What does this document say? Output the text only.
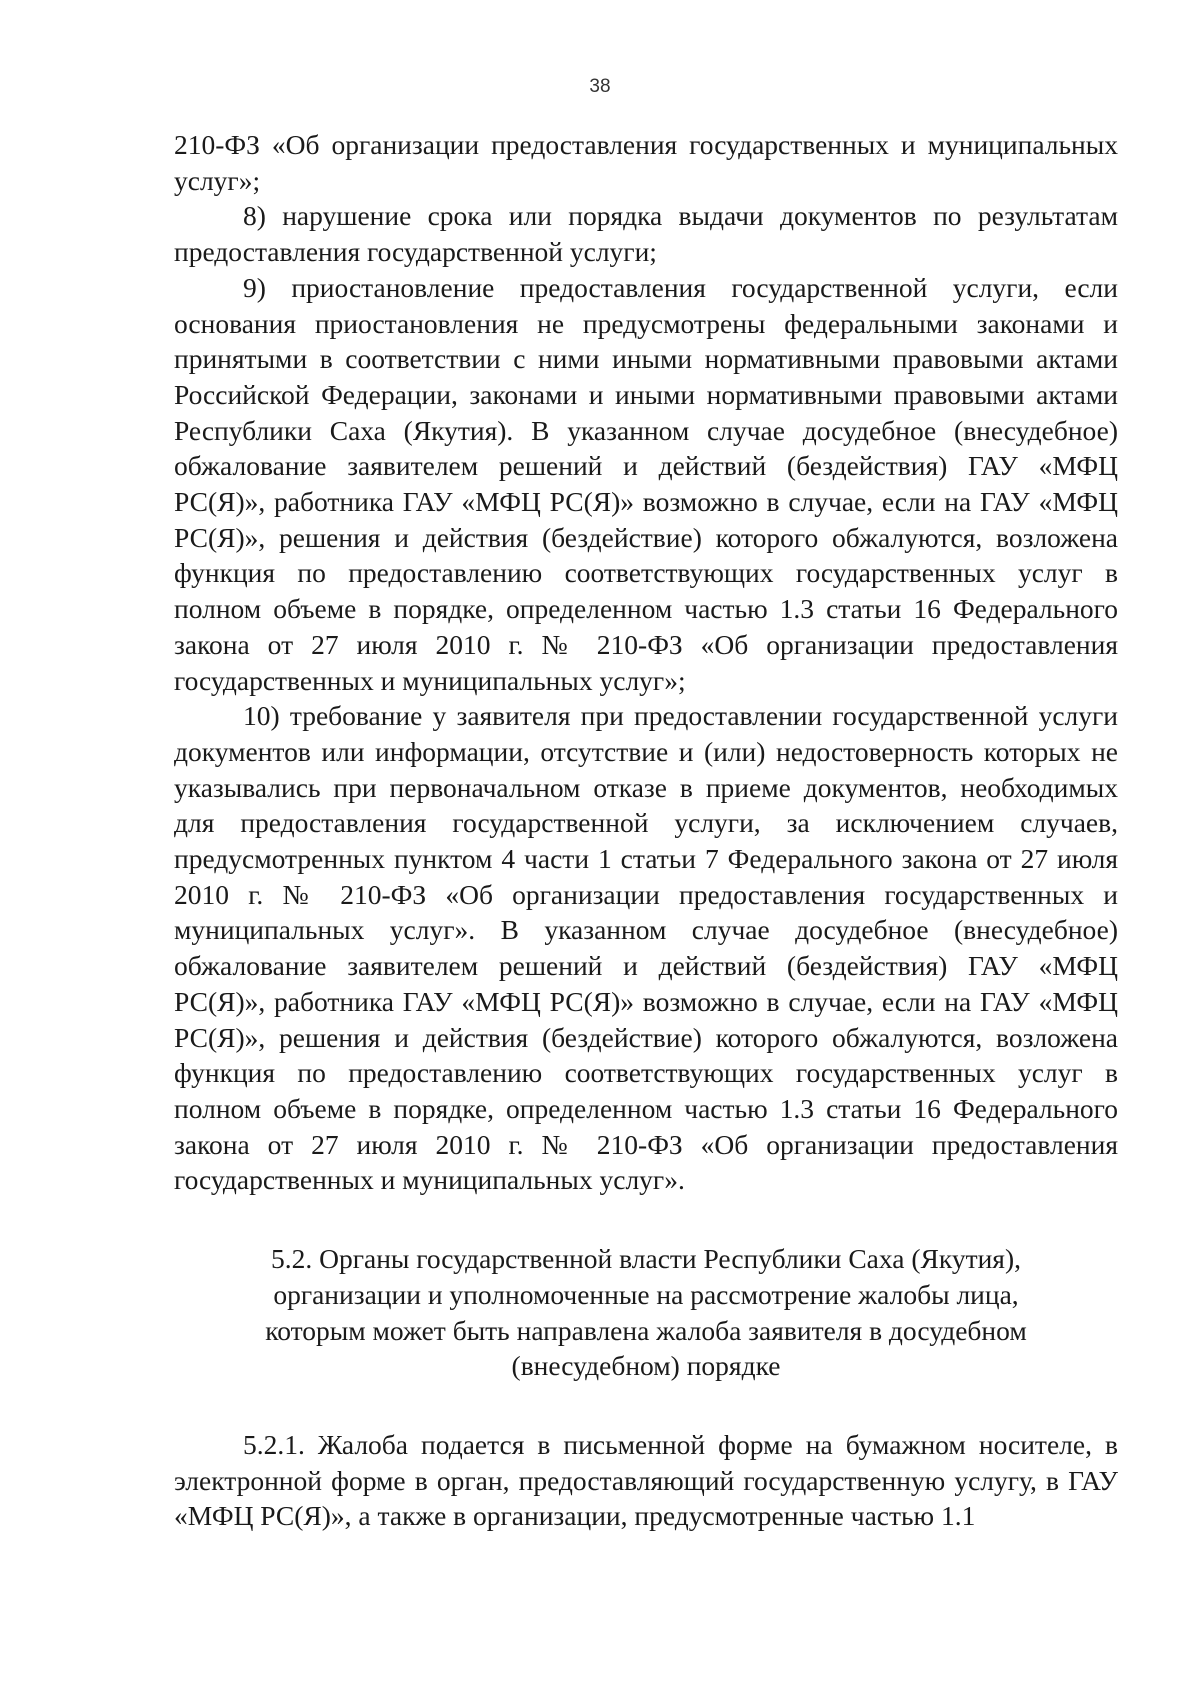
38

210-ФЗ «Об организации предоставления государственных и муниципальных услуг»;

8) нарушение срока или порядка выдачи документов по результатам предоставления государственной услуги;

9) приостановление предоставления государственной услуги, если основания приостановления не предусмотрены федеральными законами и принятыми в соответствии с ними иными нормативными правовыми актами Российской Федерации, законами и иными нормативными правовыми актами Республики Саха (Якутия). В указанном случае досудебное (внесудебное) обжалование заявителем решений и действий (бездействия) ГАУ «МФЦ РС(Я)», работника ГАУ «МФЦ РС(Я)» возможно в случае, если на ГАУ «МФЦ РС(Я)», решения и действия (бездействие) которого обжалуются, возложена функция по предоставлению соответствующих государственных услуг в полном объеме в порядке, определенном частью 1.3 статьи 16 Федерального закона от 27 июля 2010 г. № 210-ФЗ «Об организации предоставления государственных и муниципальных услуг»;

10) требование у заявителя при предоставлении государственной услуги документов или информации, отсутствие и (или) недостоверность которых не указывались при первоначальном отказе в приеме документов, необходимых для предоставления государственной услуги, за исключением случаев, предусмотренных пунктом 4 части 1 статьи 7 Федерального закона от 27 июля 2010 г. № 210-ФЗ «Об организации предоставления государственных и муниципальных услуг». В указанном случае досудебное (внесудебное) обжалование заявителем решений и действий (бездействия) ГАУ «МФЦ РС(Я)», работника ГАУ «МФЦ РС(Я)» возможно в случае, если на ГАУ «МФЦ РС(Я)», решения и действия (бездействие) которого обжалуются, возложена функция по предоставлению соответствующих государственных услуг в полном объеме в порядке, определенном частью 1.3 статьи 16 Федерального закона от 27 июля 2010 г. № 210-ФЗ «Об организации предоставления государственных и муниципальных услуг».

5.2. Органы государственной власти Республики Саха (Якутия), организации и уполномоченные на рассмотрение жалобы лица, которым может быть направлена жалоба заявителя в досудебном (внесудебном) порядке

5.2.1. Жалоба подается в письменной форме на бумажном носителе, в электронной форме в орган, предоставляющий государственную услугу, в ГАУ «МФЦ РС(Я)», а также в организации, предусмотренные частью 1.1
